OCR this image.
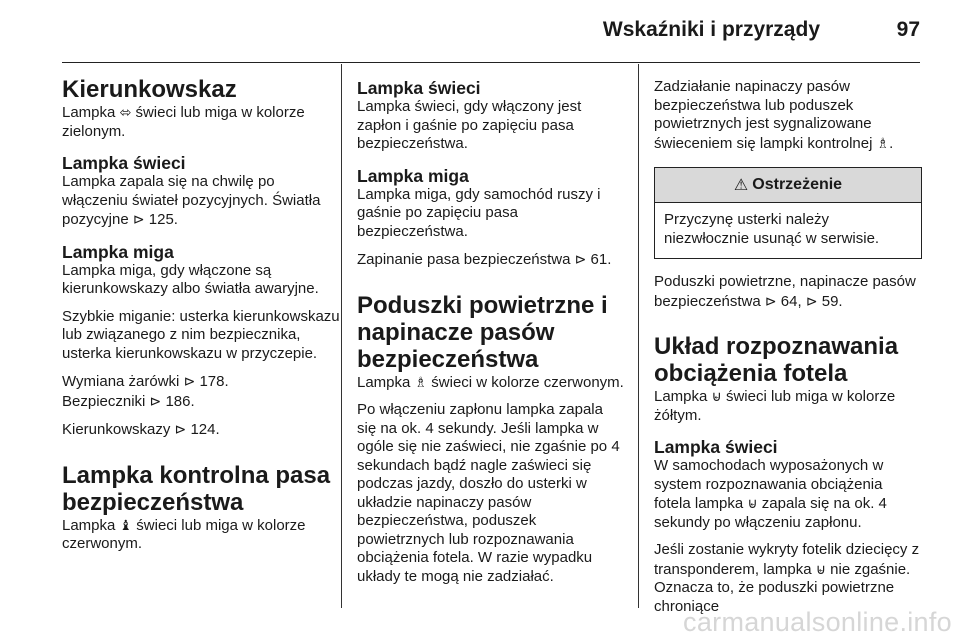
Wskaźniki i przyrządy	97
Kierunkowskaz

Lampka ⬄ świeci lub miga w kolorze zielonym.

Lampka świeci

Lampka zapala się na chwilę po włączeniu świateł pozycyjnych. Światła pozycyjne ⊳ 125.

Lampka miga

Lampka miga, gdy włączone są kierunkowskazy albo światła awaryjne.

Szybkie miganie: usterka kierunkowskazu lub związanego z nim bezpiecznika, usterka kierunkowskazu w przyczepie.

Wymiana żarówki ⊳ 178.
Bezpieczniki ⊳ 186.

Kierunkowskazy ⊳ 124.

Lampka kontrolna pasa bezpieczeństwa

Lampka ♝ świeci lub miga w kolorze czerwonym.

Lampka świeci

Lampka świeci, gdy włączony jest zapłon i gaśnie po zapięciu pasa bezpieczeństwa.

Lampka miga

Lampka miga, gdy samochód ruszy i gaśnie po zapięciu pasa bezpieczeństwa.

Zapinanie pasa bezpieczeństwa ⊳ 61.

Poduszki powietrzne i napinacze pasów bezpieczeństwa

Lampka ♗ świeci w kolorze czerwonym.

Po włączeniu zapłonu lampka zapala się na ok. 4 sekundy. Jeśli lampka w ogóle się nie zaświeci, nie zgaśnie po 4 sekundach bądź nagle zaświeci się podczas jazdy, doszło do usterki w układzie napinaczy pasów bezpieczeństwa, poduszek powietrznych lub rozpoznawania obciążenia fotela. W razie wypadku układy te mogą nie zadziałać.

Zadziałanie napinaczy pasów bezpieczeństwa lub poduszek powietrznych jest sygnalizowane świeceniem się lampki kontrolnej ♗.

⚠ Ostrzeżenie

Przyczynę usterki należy niezwłocznie usunąć w serwisie.

Poduszki powietrzne, napinacze pasów bezpieczeństwa ⊳ 64, ⊳ 59.

Układ rozpoznawania obciążenia fotela

Lampka ⊌ świeci lub miga w kolorze żółtym.

Lampka świeci

W samochodach wyposażonych w system rozpoznawania obciążenia fotela lampka ⊌ zapala się na ok. 4 sekundy po włączeniu zapłonu.

Jeśli zostanie wykryty fotelik dziecięcy z transponderem, lampka ⊌ nie zgaśnie. Oznacza to, że poduszki powietrzne chroniące

carmanualsonline.info
